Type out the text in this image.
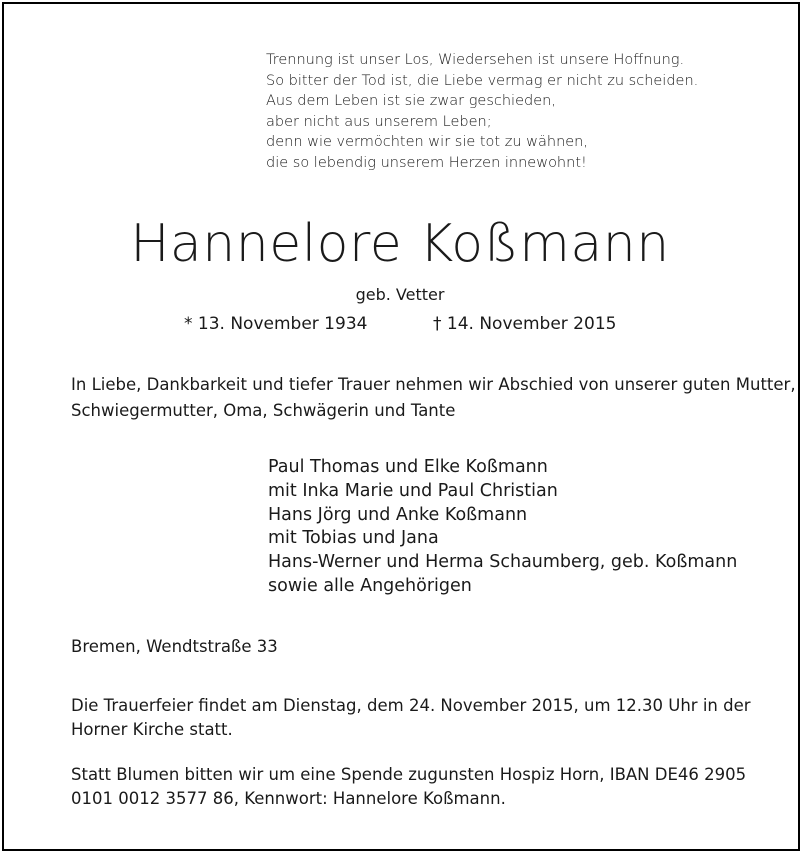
Trennung ist unser Los, Wiedersehen ist unsere Hoffnung.
So bitter der Tod ist, die Liebe vermag er nicht zu scheiden.
Aus dem Leben ist sie zwar geschieden,
aber nicht aus unserem Leben;
denn wie vermöchten wir sie tot zu wähnen,
die so lebendig unserem Herzen innewohnt!
Hannelore Koßmann
geb. Vetter
* 13. November 1934	† 14. November 2015
In Liebe, Dankbarkeit und tiefer Trauer nehmen wir Abschied von unserer guten Mutter,
Schwiegermutter, Oma, Schwägerin und Tante
Paul Thomas und Elke Koßmann
mit Inka Marie und Paul Christian
Hans Jörg und Anke Koßmann
mit Tobias und Jana
Hans-Werner und Herma Schaumberg, geb. Koßmann
sowie alle Angehörigen
Bremen, Wendtstraße 33
Die Trauerfeier findet am Dienstag, dem 24. November 2015, um 12.30 Uhr in der
Horner Kirche statt.
Statt Blumen bitten wir um eine Spende zugunsten Hospiz Horn, IBAN DE46 2905
0101 0012 3577 86, Kennwort: Hannelore Koßmann.
